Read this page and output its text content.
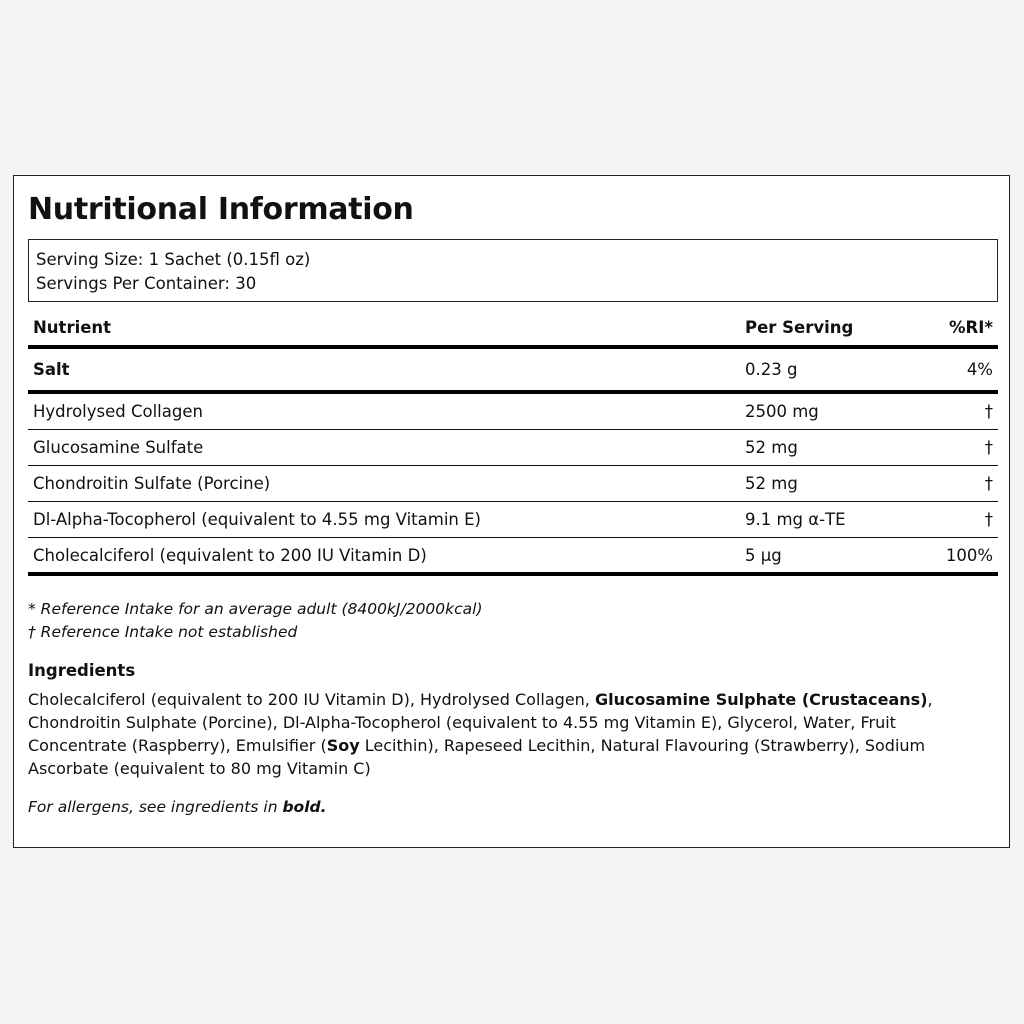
Nutritional Information
Serving Size: 1 Sachet (0.15fl oz)
Servings Per Container: 30
Nutrient	Per Serving	%RI*
Salt	0.23 g	4%
Hydrolysed Collagen	2500 mg	†
Glucosamine Sulfate	52 mg	†
Chondroitin Sulfate (Porcine)	52 mg	†
Dl-Alpha-Tocopherol (equivalent to 4.55 mg Vitamin E)	9.1 mg α-TE	†
Cholecalciferol (equivalent to 200 IU Vitamin D)	5 µg	100%
* Reference Intake for an average adult (8400kJ/2000kcal)
† Reference Intake not established
Ingredients
Cholecalciferol (equivalent to 200 IU Vitamin D), Hydrolysed Collagen, Glucosamine Sulphate (Crustaceans), Chondroitin Sulphate (Porcine), Dl-Alpha-Tocopherol (equivalent to 4.55 mg Vitamin E), Glycerol, Water, Fruit Concentrate (Raspberry), Emulsifier (Soy Lecithin), Rapeseed Lecithin, Natural Flavouring (Strawberry), Sodium Ascorbate (equivalent to 80 mg Vitamin C)
For allergens, see ingredients in bold.
